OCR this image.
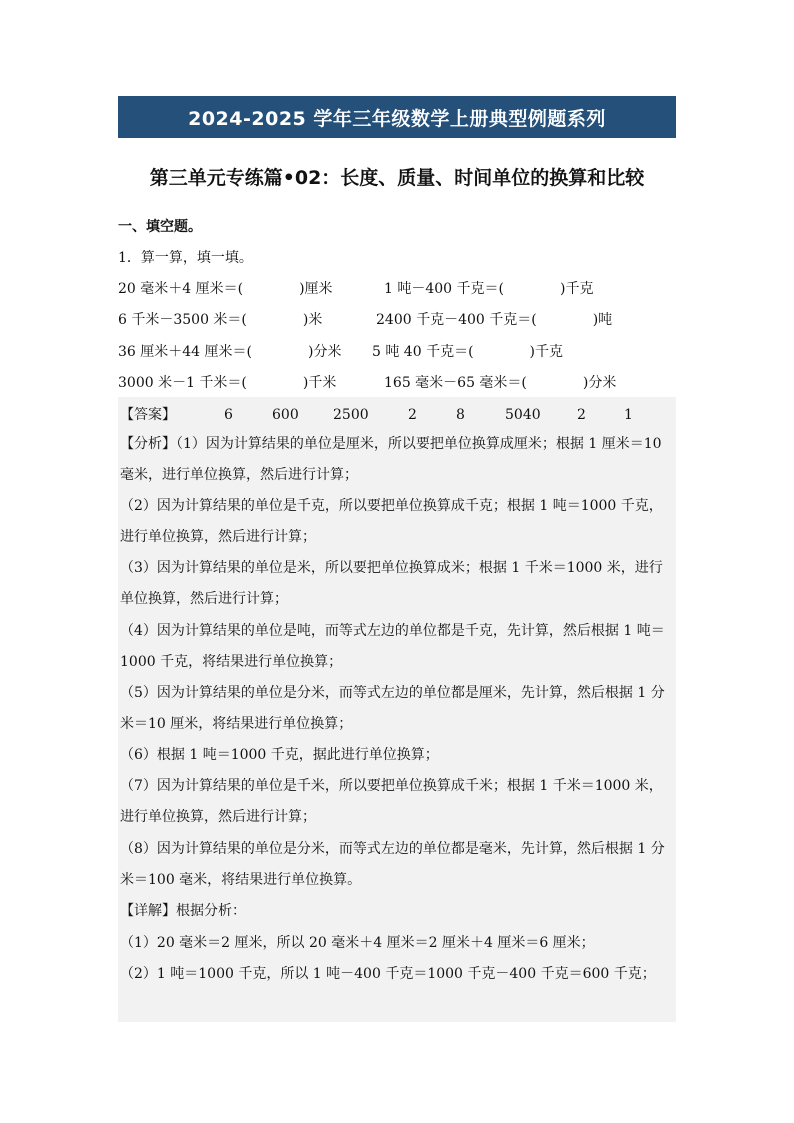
2024-2025 学年三年级数学上册典型例题系列
第三单元专练篇•02：长度、质量、时间单位的换算和比较
一、填空题。
1．算一算，填一填。
20 毫米＋4 厘米＝(　　　　)厘米	1 吨－400 千克＝(　　　　)千克
6 千米－3500 米＝(　　　　)米	2400 千克－400 千克＝(　　　　)吨
36 厘米＋44 厘米＝(　　　　)分米 5 吨 40 千克＝(　　　　)千克
3000 米－1 千米＝(　　　　)千米	165 毫米－65 毫米＝(　　　　)分米
【答案】	6	600 2500	2	8	5040	2	1
【分析】（1）因为计算结果的单位是厘米，所以要把单位换算成厘米；根据 1 厘米＝10 毫米，进行单位换算，然后进行计算；
（2）因为计算结果的单位是千克，所以要把单位换算成千克；根据 1 吨＝1000 千克，进行单位换算，然后进行计算；
（3）因为计算结果的单位是米，所以要把单位换算成米；根据 1 千米＝1000 米，进行单位换算，然后进行计算；
（4）因为计算结果的单位是吨，而等式左边的单位都是千克，先计算，然后根据 1 吨＝1000 千克，将结果进行单位换算；
（5）因为计算结果的单位是分米，而等式左边的单位都是厘米，先计算，然后根据 1 分米＝10 厘米，将结果进行单位换算；
（6）根据 1 吨＝1000 千克，据此进行单位换算；
（7）因为计算结果的单位是千米，所以要把单位换算成千米；根据 1 千米＝1000 米，进行单位换算，然后进行计算；
（8）因为计算结果的单位是分米，而等式左边的单位都是毫米，先计算，然后根据 1 分米＝100 毫米，将结果进行单位换算。
【详解】根据分析：
（1）20 毫米＝2 厘米，所以 20 毫米＋4 厘米＝2 厘米＋4 厘米＝6 厘米；
（2）1 吨＝1000 千克，所以 1 吨－400 千克＝1000 千克－400 千克＝600 千克；
